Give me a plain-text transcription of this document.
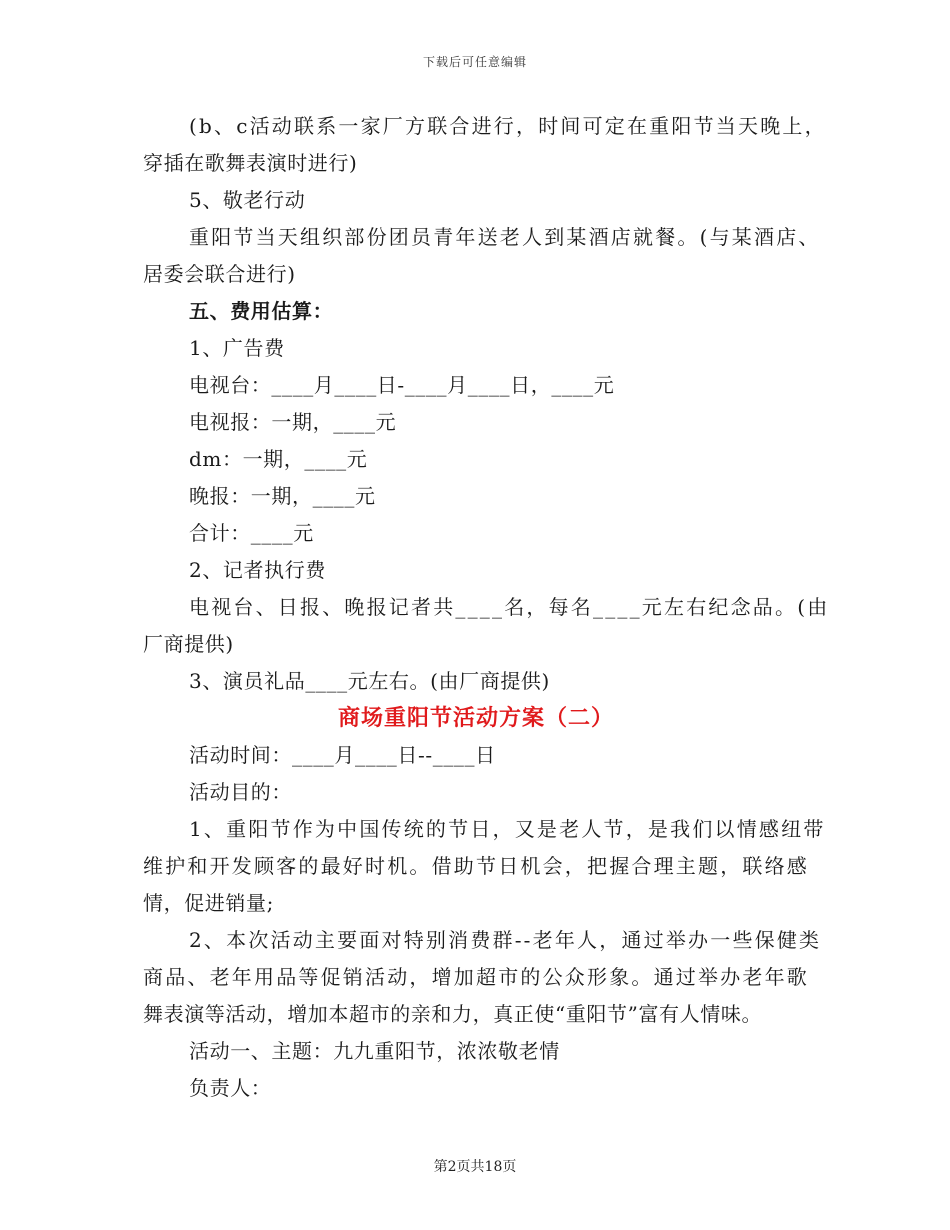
下载后可任意编辑
(b、c活动联系一家厂方联合进行，时间可定在重阳节当天晚上，
穿插在歌舞表演时进行)
5、敬老行动
重阳节当天组织部份团员青年送老人到某酒店就餐。(与某酒店、
居委会联合进行)
五、费用估算：
1、广告费
电视台：____月____日-____月____日，____元
电视报：一期，____元
dm：一期，____元
晚报：一期，____元
合计：____元
2、记者执行费
电视台、日报、晚报记者共____名，每名____元左右纪念品。(由
厂商提供)
3、演员礼品____元左右。(由厂商提供)
商场重阳节活动方案（二）
活动时间：____月____日--____日
活动目的：
1、重阳节作为中国传统的节日，又是老人节，是我们以情感纽带
维护和开发顾客的最好时机。借助节日机会，把握合理主题，联络感
情，促进销量;
2、本次活动主要面对特别消费群--老年人，通过举办一些保健类
商品、老年用品等促销活动，增加超市的公众形象。通过举办老年歌
舞表演等活动，增加本超市的亲和力，真正使“重阳节”富有人情味。
活动一、主题：九九重阳节，浓浓敬老情
负责人：
第2页共18页
